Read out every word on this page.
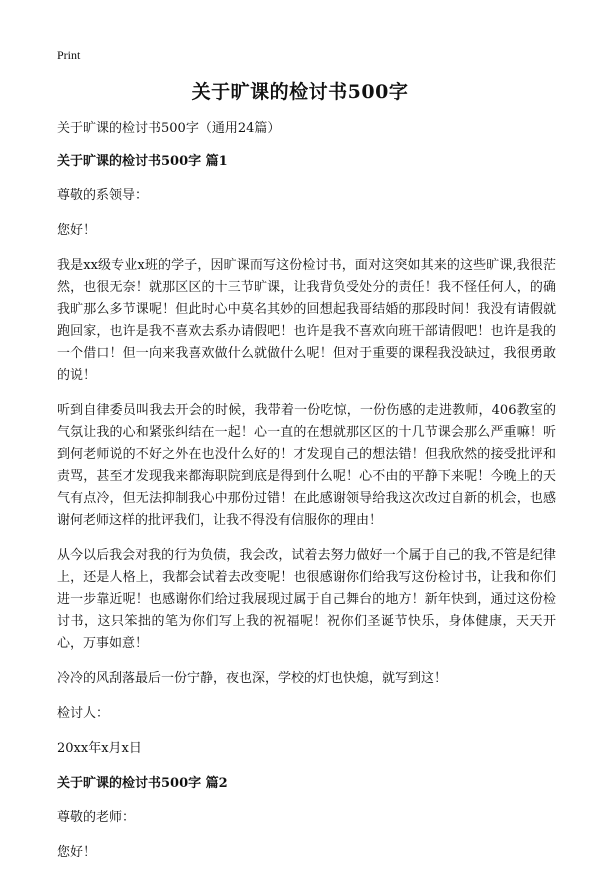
Print
关于旷课的检讨书500字

关于旷课的检讨书500字（通用24篇）

关于旷课的检讨书500字 篇1

尊敬的系领导：

您好！

我是xx级专业x班的学子，因旷课而写这份检讨书，面对这突如其来的这些旷课,我很茫然，也很无奈！就那区区的十三节旷课，让我背负受处分的责任！我不怪任何人，的确我旷那么多节课呢！但此时心中莫名其妙的回想起我哥结婚的那段时间！我没有请假就跑回家，也许是我不喜欢去系办请假吧！也许是我不喜欢向班干部请假吧！也许是我的一个借口！但一向来我喜欢做什么就做什么呢！但对于重要的课程我没缺过，我很勇敢的说！

听到自律委员叫我去开会的时候，我带着一份吃惊，一份伤感的走进教师，406教室的气氛让我的心和紧张纠结在一起！心一直的在想就那区区的十几节课会那么严重嘛！听到何老师说的不好之外在也没什么好的！才发现自己的想法错！但我欣然的接受批评和责骂，甚至才发现我来都海职院到底是得到什么呢！心不由的平静下来呢！今晚上的天气有点冷，但无法抑制我心中那份过错！在此感谢领导给我这次改过自新的机会，也感谢何老师这样的批评我们，让我不得没有信服你的理由！

从今以后我会对我的行为负债，我会改，试着去努力做好一个属于自己的我,不管是纪律上，还是人格上，我都会试着去改变呢！也很感谢你们给我写这份检讨书，让我和你们进一步靠近呢！也感谢你们给过我展现过属于自己舞台的地方！新年快到，通过这份检讨书，这只笨拙的笔为你们写上我的祝福呢！祝你们圣诞节快乐，身体健康，天天开心，万事如意！

冷冷的风刮落最后一份宁静，夜也深，学校的灯也快熄，就写到这！

检讨人：

20xx年x月x日

关于旷课的检讨书500字 篇2

尊敬的老师：

您好！
